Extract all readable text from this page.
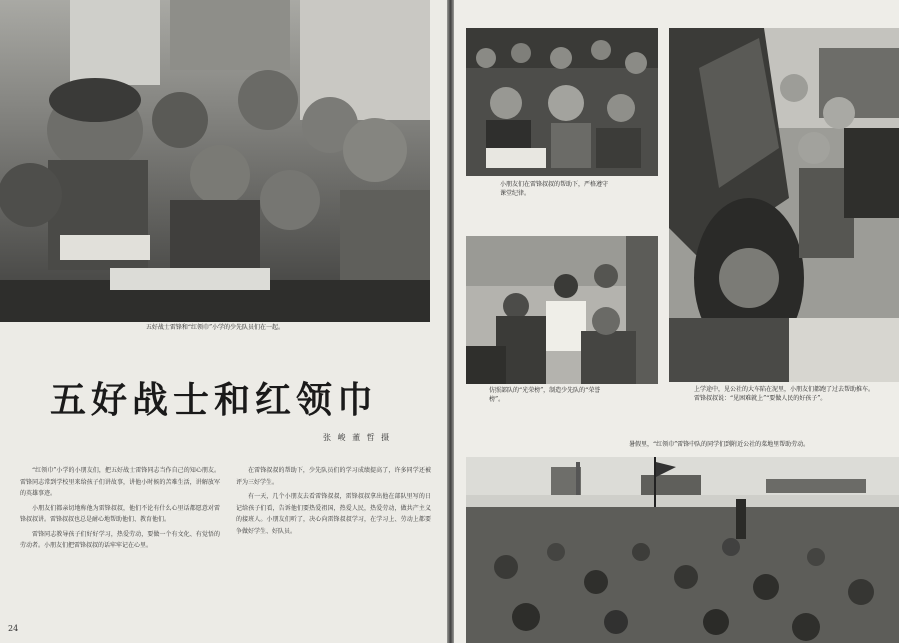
五好战士雷锋和“红领巾”小学的少先队员们在一起。
五好战士和红领巾
张 峻 董 哲 摄

“红领巾”小学的小朋友们，把五好战士雷锋同志当作自己的知心朋友。雷锋同志常到学校里来给孩子们讲故事，讲他小时候的苦难生活，讲解放军的英雄事迹。

小朋友们都亲切地称他为雷锋叔叔，他们不论有什么心里话都愿意对雷锋叔叔讲。雷锋叔叔也总是耐心地帮助他们、教育他们。

雷锋同志教导孩子们好好学习，热爱劳动，要做一个有文化、有觉悟的劳动者。小朋友们把雷锋叔叔的话牢牢记在心里。

在雷锋叔叔的帮助下，少先队员们的学习成绩提高了，许多同学还被评为三好学生。

有一天，几个小朋友去看雷锋叔叔，雷锋叔叔拿出他在部队里写的日记给孩子们看，告诉他们要热爱祖国，热爱人民，热爱劳动，做共产主义的接班人。小朋友们听了，决心向雷锋叔叔学习，在学习上、劳动上都要争做好学生、好队员。

24
小朋友们在雷锋叔叔的帮助下，严格遵守课堂纪律。
上学途中，见公社的大车陷在泥里，小朋友们都跑了过去帮助推车。雷锋叔叔说：“见困难就上”“要做人民的好孩子”。
仿照部队的“光荣榜”，制造少先队的“荣誉榜”。
暑假里，“红领巾”雷锋中队的同学们到附近公社的菜地里帮助劳动。
